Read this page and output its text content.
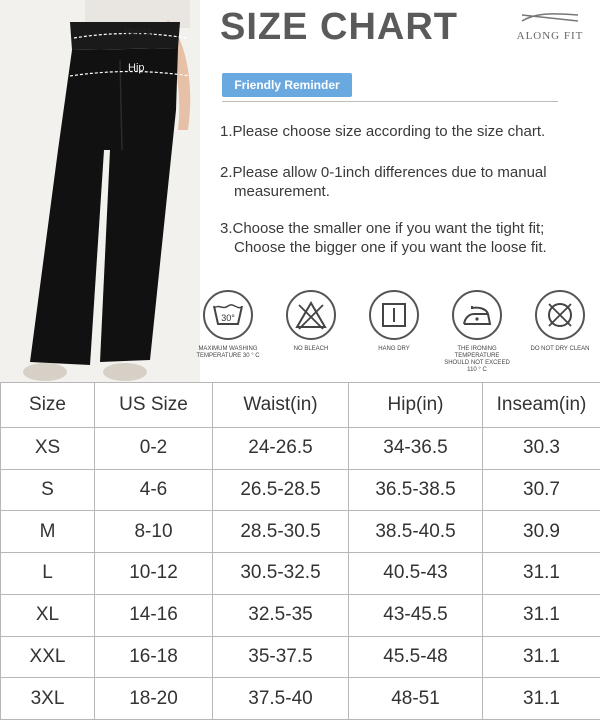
Waist
Hip
SIZE CHART	ALONG FIT
Friendly Reminder
1.Please choose size according to the size chart.
2.Please allow 0-1inch differences due to manual
measurement.
3.Choose the smaller one if you want the tight fit;
Choose the bigger one if you want the loose fit.
30°
MAXIMUM WASHING TEMPERATURE 30 ° C
NO BLEACH	HANG DRY	THE IRONING TEMPERATURE SHOULD NOT EXCEED 110 ° C
DO NOT DRY CLEAN
Size	US Size	Waist(in)	Hip(in)	Inseam(in)
XS	0-2	24-26.5	34-36.5	30.3
S	4-6	26.5-28.5	36.5-38.5	30.7
M	8-10	28.5-30.5	38.5-40.5	30.9
L	10-12	30.5-32.5	40.5-43	31.1
XL	14-16	32.5-35	43-45.5	31.1
XXL	16-18	35-37.5	45.5-48	31.1
3XL	18-20	37.5-40	48-51	31.1
